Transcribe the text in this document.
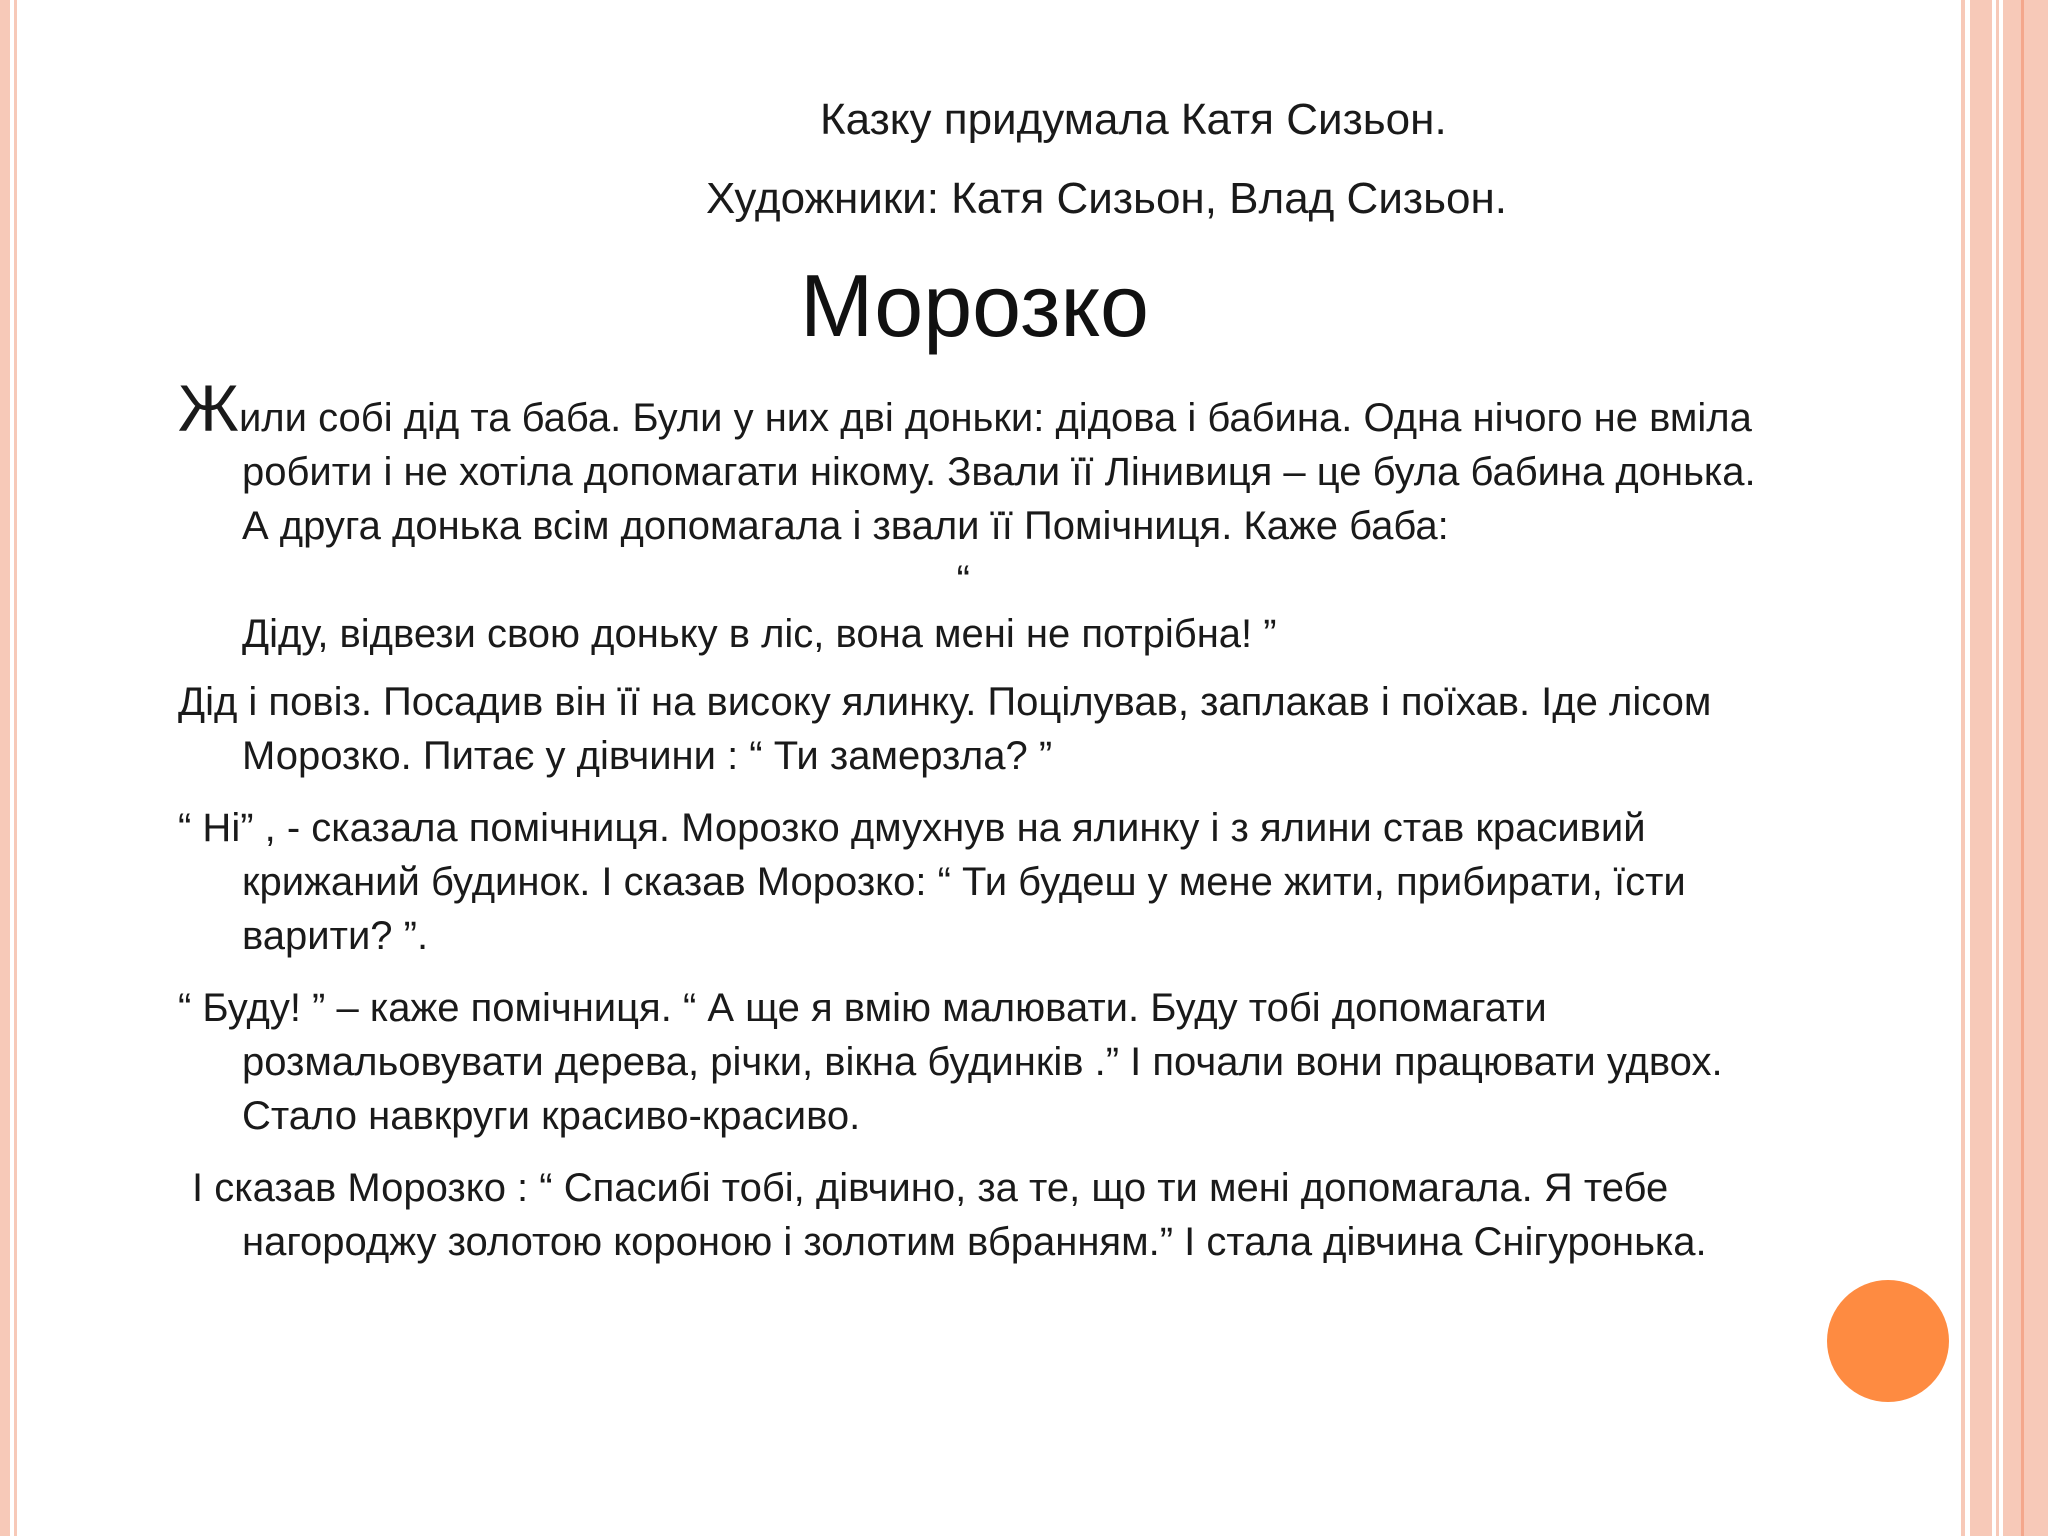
Казку придумала Катя Сизьон.
Художники: Катя Сизьон, Влад Сизьон.
Морозко

Жили собі дід та баба. Були у них дві доньки: дідова і бабина. Одна нічого не вміла робити і не хотіла допомагати нікому. Звали її Лінивиця – це була бабина донька. А друга донька всім допомагала і звали її Помічниця. Каже баба:“
Діду, відвези свою доньку в ліс, вона мені не потрібна! ”

Дід і повіз. Посадив він її на високу ялинку. Поцілував, заплакав і поїхав. Іде лісом Морозко. Питає у дівчини : “ Ти замерзла? ”

“ Ні” , - сказала помічниця. Морозко дмухнув на ялинку і з ялини став красивий крижаний будинок. І сказав Морозко: “ Ти будеш у мене жити, прибирати, їсти варити? ”.

“ Буду! ” – каже помічниця. “ А ще я вмію малювати. Буду тобі допомагати розмальовувати дерева, річки, вікна будинків .” І почали вони працювати удвох. Стало навкруги красиво-красиво.

І сказав Морозко : “ Спасибі тобі, дівчино, за те, що ти мені допомагала. Я тебе нагороджу золотою короною і золотим вбранням.” І стала дівчина Снігуронька.
